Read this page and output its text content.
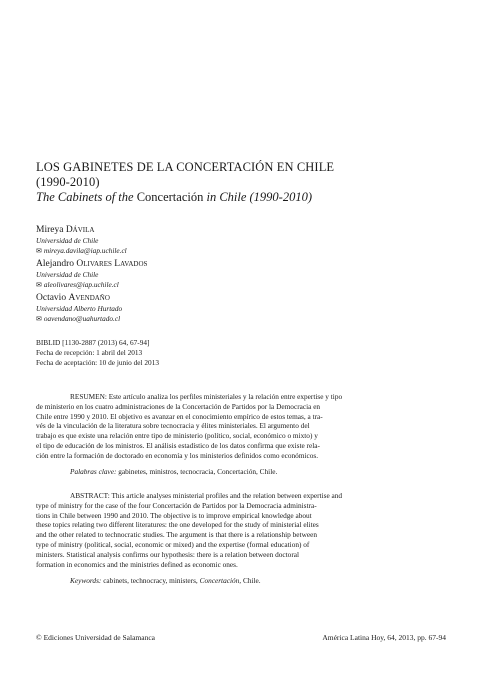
LOS GABINETES DE LA CONCERTACIÓN EN CHILE
(1990-2010)
The Cabinets of the Concertación in Chile (1990-2010)
Mireya Dávila
Universidad de Chile
✉ mireya.davila@iap.uchile.cl
Alejandro Olivares Lavados
Universidad de Chile
✉ aleolivares@iap.uchile.cl
Octavio Avendaño
Universidad Alberto Hurtado
✉ oavendano@uahurtado.cl
BIBLID [1130-2887 (2013) 64, 67-94]
Fecha de recepción: 1 abril del 2013
Fecha de aceptación: 10 de junio del 2013
RESUMEN: Este artículo analiza los perfiles ministeriales y la relación entre expertise y tipo
de ministerio en los cuatro administraciones de la Concertación de Partidos por la Democracia en
Chile entre 1990 y 2010. El objetivo es avanzar en el conocimiento empírico de estos temas, a tra-
vés de la vinculación de la literatura sobre tecnocracia y élites ministeriales. El argumento del
trabajo es que existe una relación entre tipo de ministerio (político, social, económico o mixto) y
el tipo de educación de los ministros. El análisis estadístico de los datos confirma que existe rela-
ción entre la formación de doctorado en economía y los ministerios definidos como económicos.
Palabras clave: gabinetes, ministros, tecnocracia, Concertación, Chile.
ABSTRACT: This article analyses ministerial profiles and the relation between expertise and
type of ministry for the case of the four Concertación de Partidos por la Democracia administra-
tions in Chile between 1990 and 2010. The objective is to improve empirical knowledge about
these topics relating two different literatures: the one developed for the study of ministerial elites
and the other related to technocratic studies. The argument is that there is a relationship between
type of ministry (political, social, economic or mixed) and the expertise (formal education) of
ministers. Statistical analysis confirms our hypothesis: there is a relation between doctoral
formation in economics and the ministries defined as economic ones.
Keywords: cabinets, technocracy, ministers, Concertación, Chile.
© Ediciones Universidad de Salamanca	América Latina Hoy, 64, 2013, pp. 67-94
